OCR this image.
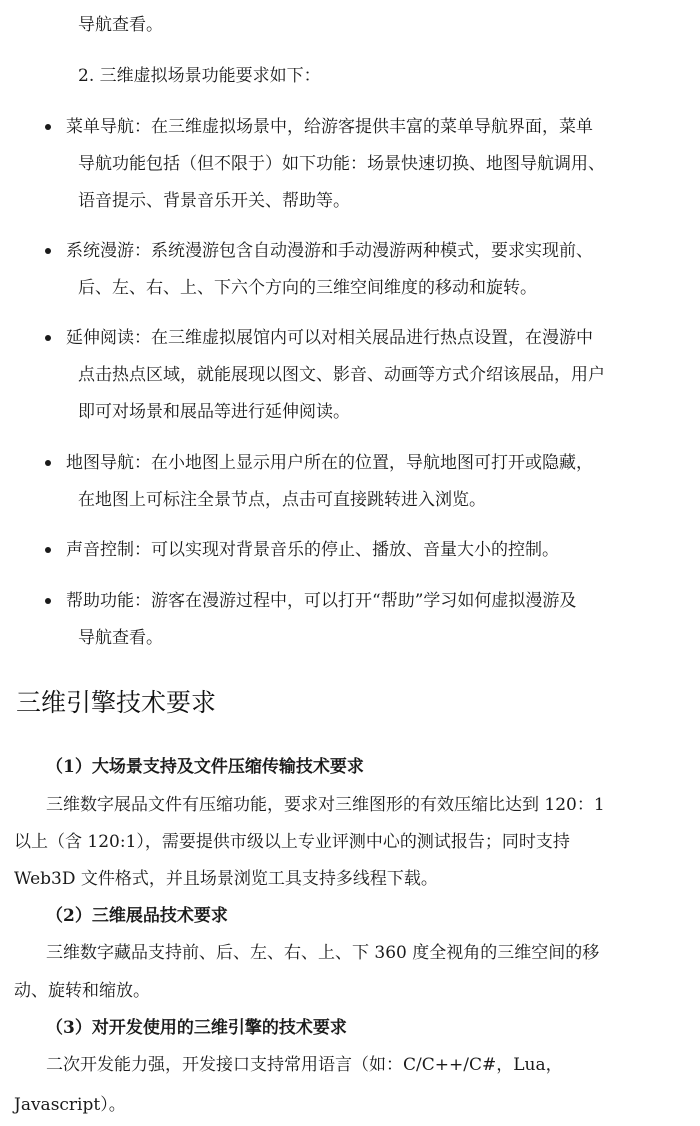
导航查看。
2. 三维虚拟场景功能要求如下：
菜单导航：在三维虚拟场景中，给游客提供丰富的菜单导航界面，菜单
导航功能包括（但不限于）如下功能：场景快速切换、地图导航调用、
语音提示、背景音乐开关、帮助等。
系统漫游：系统漫游包含自动漫游和手动漫游两种模式，要求实现前、
后、左、右、上、下六个方向的三维空间维度的移动和旋转。
延伸阅读：在三维虚拟展馆内可以对相关展品进行热点设置，在漫游中
点击热点区域，就能展现以图文、影音、动画等方式介绍该展品，用户
即可对场景和展品等进行延伸阅读。
地图导航：在小地图上显示用户所在的位置，导航地图可打开或隐藏，
在地图上可标注全景节点，点击可直接跳转进入浏览。
声音控制：可以实现对背景音乐的停止、播放、音量大小的控制。
帮助功能：游客在漫游过程中，可以打开“帮助”学习如何虚拟漫游及
导航查看。
三维引擎技术要求
（1）大场景支持及文件压缩传输技术要求
三维数字展品文件有压缩功能，要求对三维图形的有效压缩比达到 120：1
以上（含 120:1），需要提供市级以上专业评测中心的测试报告；同时支持
Web3D 文件格式，并且场景浏览工具支持多线程下载。
（2）三维展品技术要求
三维数字藏品支持前、后、左、右、上、下 360 度全视角的三维空间的移
动、旋转和缩放。
（3）对开发使用的三维引擎的技术要求
二次开发能力强，开发接口支持常用语言（如：C/C++/C#，Lua，
Javascript）。
